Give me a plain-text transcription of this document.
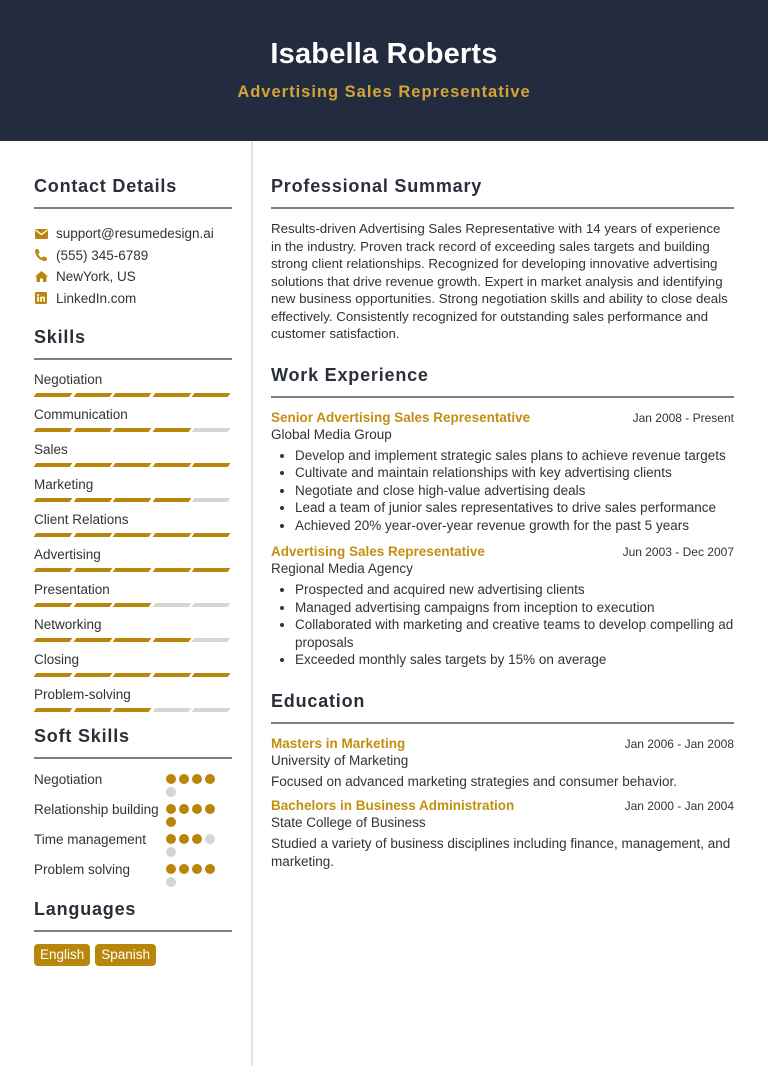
Isabella Roberts
Advertising Sales Representative
Contact Details
support@resumedesign.ai
(555) 345-6789
NewYork, US
LinkedIn.com
Skills
Negotiation
Communication
Sales
Marketing
Client Relations
Advertising
Presentation
Networking
Closing
Problem-solving
Soft Skills
Negotiation
Relationship building
Time management
Problem solving
Languages
English	Spanish
Professional Summary

Results-driven Advertising Sales Representative with 14 years of experience in the industry. Proven track record of exceeding sales targets and building strong client relationships. Recognized for developing innovative advertising solutions that drive revenue growth. Expert in market analysis and identifying new business opportunities. Strong negotiation skills and ability to close deals effectively. Consistently recognized for outstanding sales performance and customer satisfaction.

Work Experience
Senior Advertising Sales Representative	Jan 2008 - Present
Global Media Group
• Develop and implement strategic sales plans to achieve revenue targets
• Cultivate and maintain relationships with key advertising clients
• Negotiate and close high-value advertising deals
• Lead a team of junior sales representatives to drive sales performance
• Achieved 20% year-over-year revenue growth for the past 5 years
Advertising Sales Representative	Jun 2003 - Dec 2007
Regional Media Agency
• Prospected and acquired new advertising clients
• Managed advertising campaigns from inception to execution
• Collaborated with marketing and creative teams to develop compelling ad proposals
• Exceeded monthly sales targets by 15% on average
Education
Masters in Marketing	Jan 2006 - Jan 2008
University of Marketing
Focused on advanced marketing strategies and consumer behavior.
Bachelors in Business Administration	Jan 2000 - Jan 2004
State College of Business
Studied a variety of business disciplines including finance, management, and marketing.
